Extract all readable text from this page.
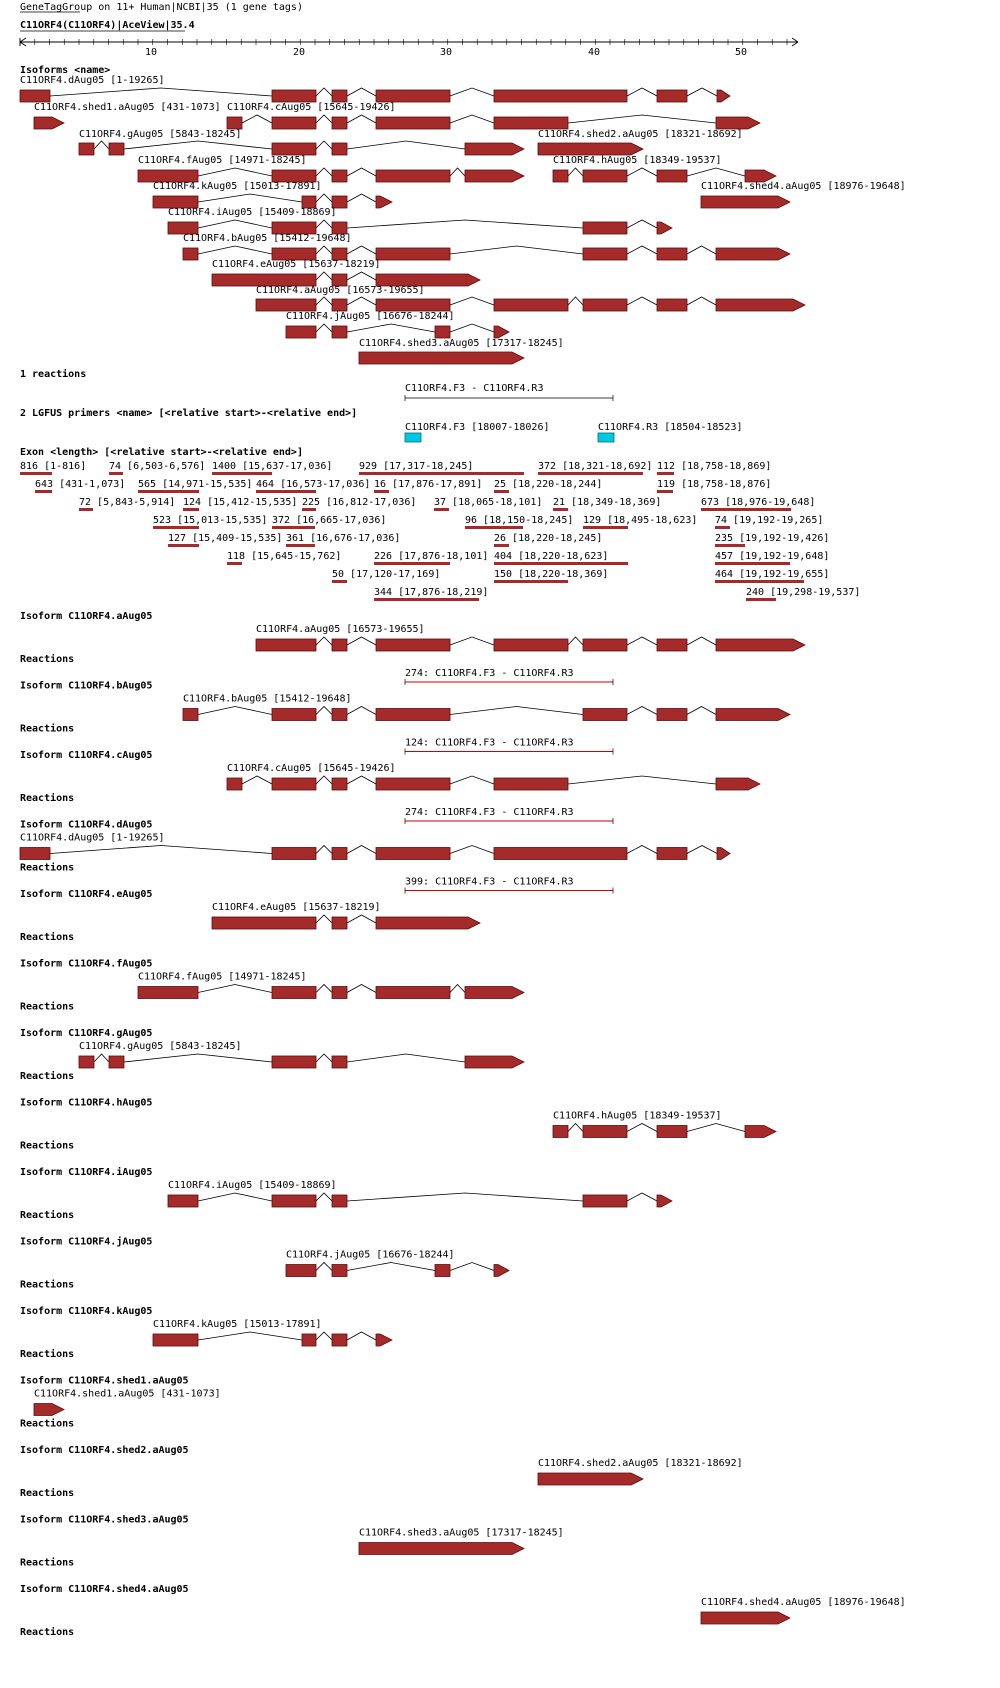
GeneTagGroup on 11+ Human|NCBI|35 (1 gene tags)
C11ORF4(C11ORF4)|AceView|35.4
10	20	30	40	50
Isoforms <name>
1 reactions
2 LGFUS primers <name> [<relative start>-<relative end>]
Exon <length> [<relative start>-<relative end>]
C11ORF4.dAug05 [1-19265]
C11ORF4.shed1.aAug05 [431-1073] C11ORF4.cAug05 [15645-19426]
C11ORF4.gAug05 [5843-18245]	C11ORF4.shed2.aAug05 [18321-18692]
C11ORF4.fAug05 [14971-18245]	C11ORF4.hAug05 [18349-19537]
C11ORF4.kAug05 [15013-17891]	C11ORF4.shed4.aAug05 [18976-19648]
C11ORF4.iAug05 [15409-18869]
C11ORF4.bAug05 [15412-19648]
C11ORF4.eAug05 [15637-18219]
C11ORF4.aAug05 [16573-19655]
C11ORF4.jAug05 [16676-18244]
C11ORF4.shed3.aAug05 [17317-18245]
C11ORF4.F3 - C11ORF4.R3
C11ORF4.F3 [18007-18026]	C11ORF4.R3 [18504-18523]
816 [1-816] 74 [6,503-6,576] 1400 [15,637-17,036]	929 [17,317-18,245]	372 [18,321-18,692] 112 [18,758-18,869]
643 [431-1,073] 565 [14,971-15,535] 464 [16,573-17,036] 16 [17,876-17,891] 25 [18,220-18,244]	119 [18,758-18,876]
72 [5,843-5,914] 124 [15,412-15,535] 225 [16,812-17,036] 37 [18,065-18,101] 21 [18,349-18,369]	673 [18,976-19,648]
523 [15,013-15,535] 372 [16,665-17,036]	96 [18,150-18,245] 129 [18,495-18,623] 74 [19,192-19,265]
127 [15,409-15,535] 361 [16,676-17,036]	26 [18,220-18,245]	235 [19,192-19,426]
118 [15,645-15,762]	226 [17,876-18,101] 404 [18,220-18,623]	457 [19,192-19,648]
50 [17,120-17,169]	150 [18,220-18,369]	464 [19,192-19,655]
344 [17,876-18,219]	240 [19,298-19,537]
Isoform C11ORF4.aAug05
C11ORF4.aAug05 [16573-19655]
Reactions
274: C11ORF4.F3 - C11ORF4.R3
Isoform C11ORF4.bAug05
C11ORF4.bAug05 [15412-19648]
Reactions
124: C11ORF4.F3 - C11ORF4.R3
Isoform C11ORF4.cAug05
C11ORF4.cAug05 [15645-19426]
Reactions
274: C11ORF4.F3 - C11ORF4.R3
Isoform C11ORF4.dAug05
C11ORF4.dAug05 [1-19265]
Reactions
399: C11ORF4.F3 - C11ORF4.R3
Isoform C11ORF4.eAug05
C11ORF4.eAug05 [15637-18219]
Reactions
Isoform C11ORF4.fAug05
C11ORF4.fAug05 [14971-18245]
Reactions
Isoform C11ORF4.gAug05
C11ORF4.gAug05 [5843-18245]
Reactions
Isoform C11ORF4.hAug05
C11ORF4.hAug05 [18349-19537]
Reactions
Isoform C11ORF4.iAug05
C11ORF4.iAug05 [15409-18869]
Reactions
Isoform C11ORF4.jAug05
C11ORF4.jAug05 [16676-18244]
Reactions
Isoform C11ORF4.kAug05
C11ORF4.kAug05 [15013-17891]
Reactions
Isoform C11ORF4.shed1.aAug05
C11ORF4.shed1.aAug05 [431-1073]
Reactions
Isoform C11ORF4.shed2.aAug05
C11ORF4.shed2.aAug05 [18321-18692]
Reactions
Isoform C11ORF4.shed3.aAug05
C11ORF4.shed3.aAug05 [17317-18245]
Reactions
Isoform C11ORF4.shed4.aAug05
C11ORF4.shed4.aAug05 [18976-19648]
Reactions
